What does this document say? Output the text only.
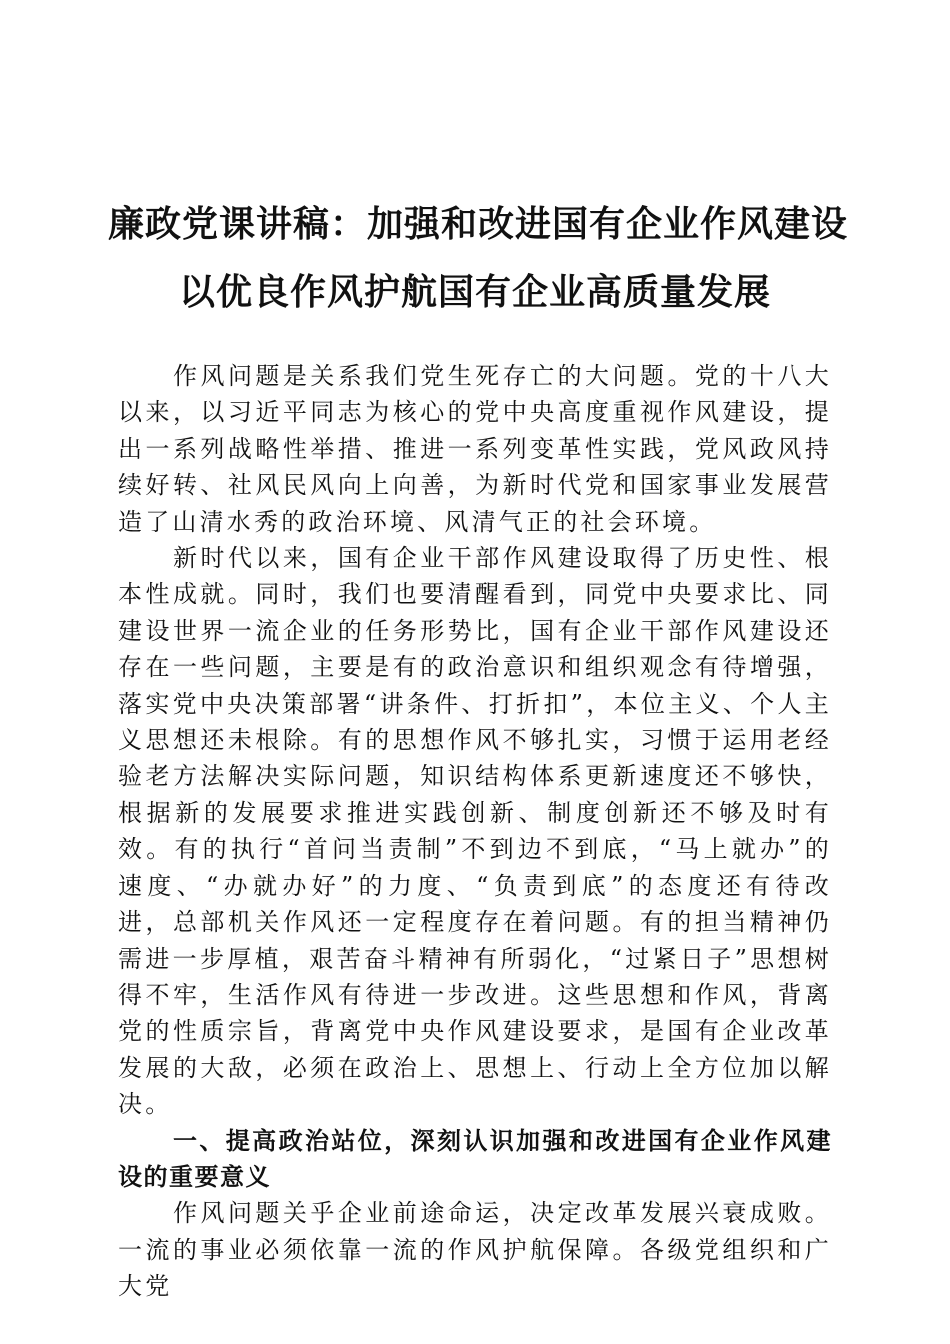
廉政党课讲稿：加强和改进国有企业作风建设
以优良作风护航国有企业高质量发展

作风问题是关系我们党生死存亡的大问题。党的十八大以来，以习近平同志为核心的党中央高度重视作风建设，提出一系列战略性举措、推进一系列变革性实践，党风政风持续好转、社风民风向上向善，为新时代党和国家事业发展营造了山清水秀的政治环境、风清气正的社会环境。

新时代以来，国有企业干部作风建设取得了历史性、根本性成就。同时，我们也要清醒看到，同党中央要求比、同建设世界一流企业的任务形势比，国有企业干部作风建设还存在一些问题，主要是有的政治意识和组织观念有待增强，落实党中央决策部署“讲条件、打折扣”，本位主义、个人主义思想还未根除。有的思想作风不够扎实，习惯于运用老经验老方法解决实际问题，知识结构体系更新速度还不够快，根据新的发展要求推进实践创新、制度创新还不够及时有效。有的执行“首问当责制”不到边不到底，“马上就办”的速度、“办就办好”的力度、“负责到底”的态度还有待改进，总部机关作风还一定程度存在着问题。有的担当精神仍需进一步厚植，艰苦奋斗精神有所弱化，“过紧日子”思想树得不牢，生活作风有待进一步改进。这些思想和作风，背离党的性质宗旨，背离党中央作风建设要求，是国有企业改革发展的大敌，必须在政治上、思想上、行动上全方位加以解决。

一、提高政治站位，深刻认识加强和改进国有企业作风建设的重要意义

作风问题关乎企业前途命运，决定改革发展兴衰成败。一流的事业必须依靠一流的作风护航保障。各级党组织和广大党
